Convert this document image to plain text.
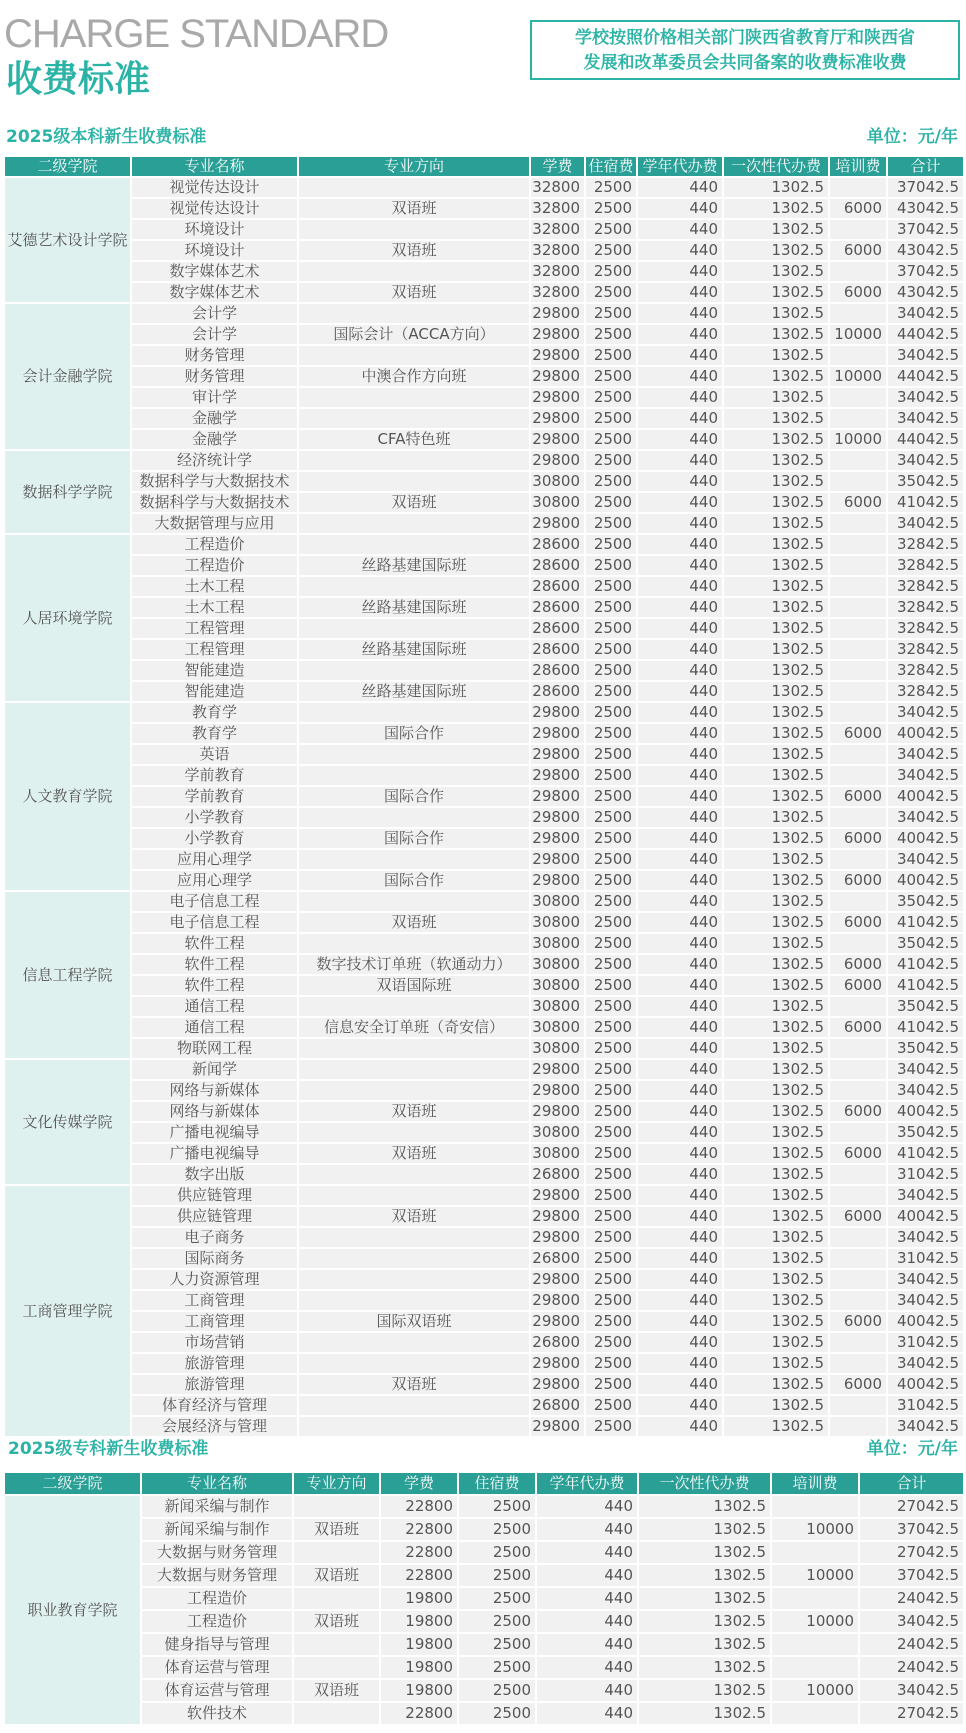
CHARGE STANDARD
收费标准
学校按照价格相关部门陕西省教育厅和陕西省
发展和改革委员会共同备案的收费标准收费
2025级本科新生收费标准	单位：元/年
二级学院	专业名称	专业方向	学费	住宿费	学年代办费	一次性代办费	培训费	合计
艾德艺术设计学院	视觉传达设计		32800	2500	440	1302.5		37042.5
	视觉传达设计	双语班	32800	2500	440	1302.5	6000	43042.5
	环境设计		32800	2500	440	1302.5		37042.5
	环境设计	双语班	32800	2500	440	1302.5	6000	43042.5
	数字媒体艺术		32800	2500	440	1302.5		37042.5
	数字媒体艺术	双语班	32800	2500	440	1302.5	6000	43042.5
会计金融学院	会计学		29800	2500	440	1302.5		34042.5
	会计学	国际会计（ACCA方向）	29800	2500	440	1302.5	10000	44042.5
	财务管理		29800	2500	440	1302.5		34042.5
	财务管理	中澳合作方向班	29800	2500	440	1302.5	10000	44042.5
	审计学		29800	2500	440	1302.5		34042.5
	金融学		29800	2500	440	1302.5		34042.5
	金融学	CFA特色班	29800	2500	440	1302.5	10000	44042.5
数据科学学院	经济统计学		29800	2500	440	1302.5		34042.5
	数据科学与大数据技术		30800	2500	440	1302.5		35042.5
	数据科学与大数据技术	双语班	30800	2500	440	1302.5	6000	41042.5
	大数据管理与应用		29800	2500	440	1302.5		34042.5
人居环境学院	工程造价		28600	2500	440	1302.5		32842.5
	工程造价	丝路基建国际班	28600	2500	440	1302.5		32842.5
	土木工程		28600	2500	440	1302.5		32842.5
	土木工程	丝路基建国际班	28600	2500	440	1302.5		32842.5
	工程管理		28600	2500	440	1302.5		32842.5
	工程管理	丝路基建国际班	28600	2500	440	1302.5		32842.5
	智能建造		28600	2500	440	1302.5		32842.5
	智能建造	丝路基建国际班	28600	2500	440	1302.5		32842.5
人文教育学院	教育学		29800	2500	440	1302.5		34042.5
	教育学	国际合作	29800	2500	440	1302.5	6000	40042.5
	英语		29800	2500	440	1302.5		34042.5
	学前教育		29800	2500	440	1302.5		34042.5
	学前教育	国际合作	29800	2500	440	1302.5	6000	40042.5
	小学教育		29800	2500	440	1302.5		34042.5
	小学教育	国际合作	29800	2500	440	1302.5	6000	40042.5
	应用心理学		29800	2500	440	1302.5		34042.5
	应用心理学	国际合作	29800	2500	440	1302.5	6000	40042.5
信息工程学院	电子信息工程		30800	2500	440	1302.5		35042.5
	电子信息工程	双语班	30800	2500	440	1302.5	6000	41042.5
	软件工程		30800	2500	440	1302.5		35042.5
	软件工程	数字技术订单班（软通动力）	30800	2500	440	1302.5	6000	41042.5
	软件工程	双语国际班	30800	2500	440	1302.5	6000	41042.5
	通信工程		30800	2500	440	1302.5		35042.5
	通信工程	信息安全订单班（奇安信）	30800	2500	440	1302.5	6000	41042.5
	物联网工程		30800	2500	440	1302.5		35042.5
文化传媒学院	新闻学		29800	2500	440	1302.5		34042.5
	网络与新媒体		29800	2500	440	1302.5		34042.5
	网络与新媒体	双语班	29800	2500	440	1302.5	6000	40042.5
	广播电视编导		30800	2500	440	1302.5		35042.5
	广播电视编导	双语班	30800	2500	440	1302.5	6000	41042.5
	数字出版		26800	2500	440	1302.5		31042.5
工商管理学院	供应链管理		29800	2500	440	1302.5		34042.5
	供应链管理	双语班	29800	2500	440	1302.5	6000	40042.5
	电子商务		29800	2500	440	1302.5		34042.5
	国际商务		26800	2500	440	1302.5		31042.5
	人力资源管理		29800	2500	440	1302.5		34042.5
	工商管理		29800	2500	440	1302.5		34042.5
	工商管理	国际双语班	29800	2500	440	1302.5	6000	40042.5
	市场营销		26800	2500	440	1302.5		31042.5
	旅游管理		29800	2500	440	1302.5		34042.5
	旅游管理	双语班	29800	2500	440	1302.5	6000	40042.5
	体育经济与管理		26800	2500	440	1302.5		31042.5
	会展经济与管理		29800	2500	440	1302.5		34042.5
2025级专科新生收费标准	单位：元/年
二级学院	专业名称	专业方向	学费	住宿费	学年代办费	一次性代办费	培训费	合计
职业教育学院	新闻采编与制作		22800	2500	440	1302.5		27042.5
	新闻采编与制作	双语班	22800	2500	440	1302.5	10000	37042.5
	大数据与财务管理		22800	2500	440	1302.5		27042.5
	大数据与财务管理	双语班	22800	2500	440	1302.5	10000	37042.5
	工程造价		19800	2500	440	1302.5		24042.5
	工程造价	双语班	19800	2500	440	1302.5	10000	34042.5
	健身指导与管理		19800	2500	440	1302.5		24042.5
	体育运营与管理		19800	2500	440	1302.5		24042.5
	体育运营与管理	双语班	19800	2500	440	1302.5	10000	34042.5
	软件技术		22800	2500	440	1302.5		27042.5
